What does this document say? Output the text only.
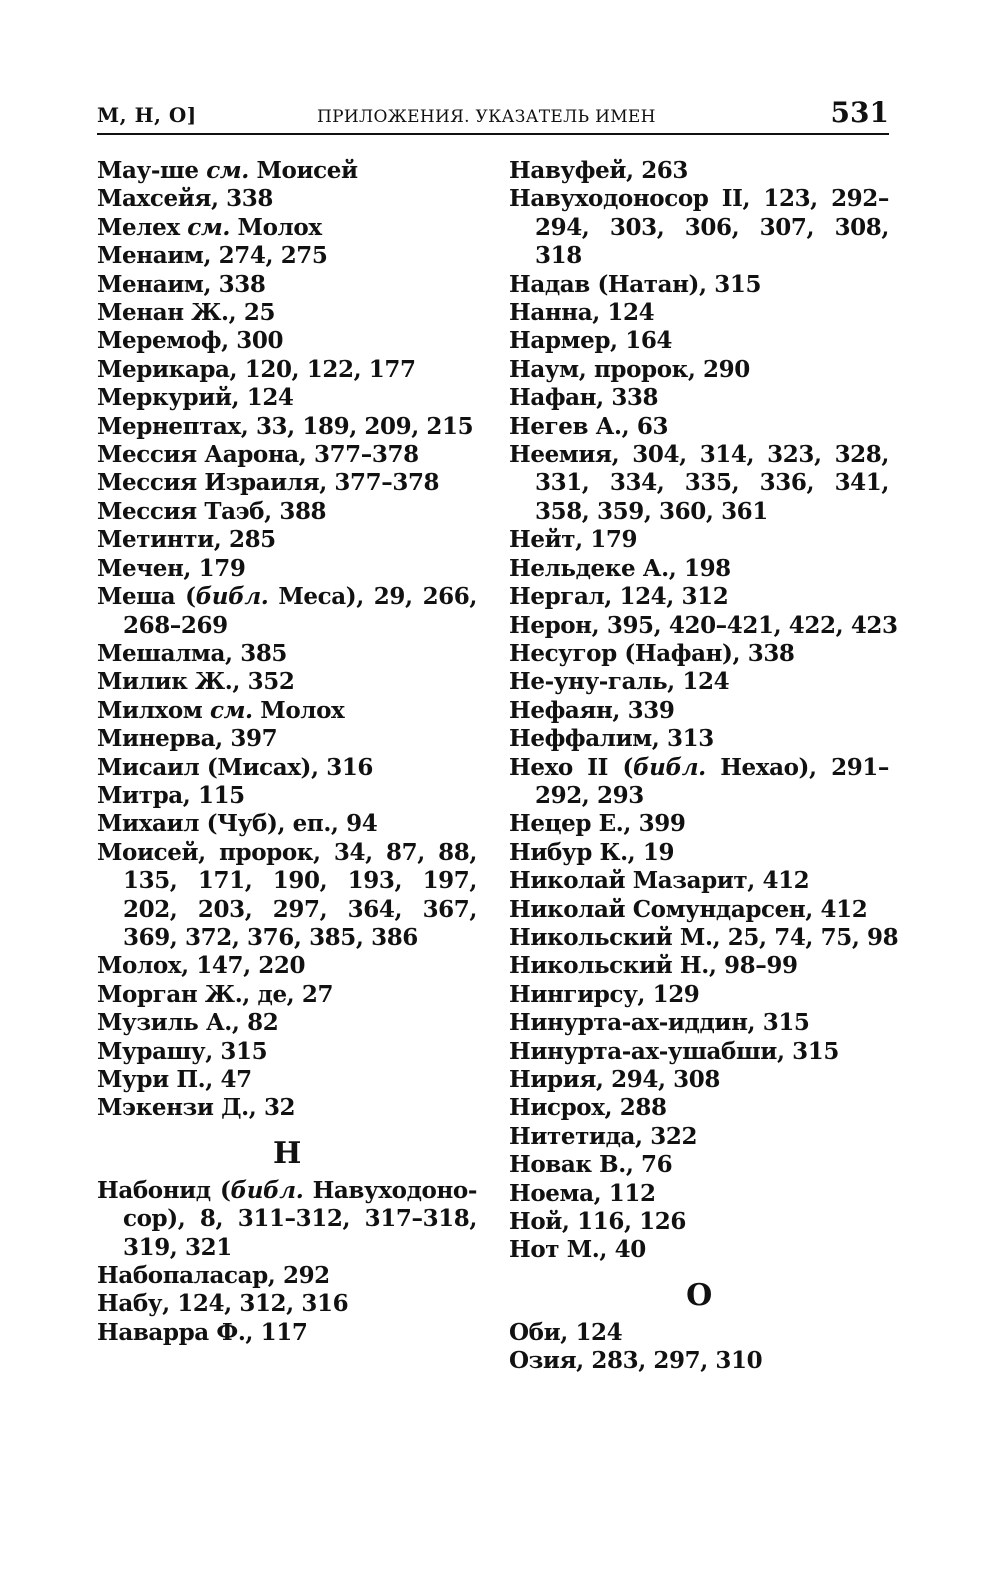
М, Н, О]	ПРИЛОЖЕНИЯ. УКАЗАТЕЛЬ ИМЕН	531
Мау-ше см. Моисей
Махсейя, 338
Мелех см. Молох
Менаим, 274, 275
Менаим, 338
Менан Ж., 25
Меремоф, 300
Мерикара, 120, 122, 177
Меркурий, 124
Мернептах, 33, 189, 209, 215
Мессия Аарона, 377–378
Мессия Израиля, 377–378
Мессия Таэб, 388
Метинти, 285
Мечен, 179
Меша (библ. Меса), 29, 266, 268–269
Мешалма, 385
Милик Ж., 352
Милхом см. Молох
Минерва, 397
Мисаил (Мисах), 316
Митра, 115
Михаил (Чуб), еп., 94
Моисей, пророк, 34, 87, 88, 135, 171, 190, 193, 197, 202, 203, 297, 364, 367, 369, 372, 376, 385, 386
Молох, 147, 220
Морган Ж., де, 27
Музиль А., 82
Мурашу, 315
Мури П., 47
Мэкензи Д., 32
Н
Набонид (библ. Навуходоно-сор), 8, 311–312, 317–318, 319, 321
Набопаласар, 292
Набу, 124, 312, 316
Наварра Ф., 117
Навуфей, 263
Навуходоносор II, 123, 292–294, 303, 306, 307, 308, 318
Надав (Натан), 315
Нанна, 124
Нармер, 164
Наум, пророк, 290
Нафан, 338
Негев А., 63
Неемия, 304, 314, 323, 328, 331, 334, 335, 336, 341, 358, 359, 360, 361
Нейт, 179
Нельдеке А., 198
Нергал, 124, 312
Нерон, 395, 420–421, 422, 423
Несугор (Нафан), 338
Не-уну-галь, 124
Нефаян, 339
Неффалим, 313
Нехо II (библ. Нехао), 291–292, 293
Нецер Е., 399
Нибур К., 19
Николай Мазарит, 412
Николай Сомундарсен, 412
Никольский М., 25, 74, 75, 98
Никольский Н., 98–99
Нингирсу, 129
Нинурта-ах-иддин, 315
Нинурта-ах-ушабши, 315
Нирия, 294, 308
Нисрох, 288
Нитетида, 322
Новак В., 76
Ноема, 112
Ной, 116, 126
Нот М., 40
О
Оби, 124
Озия, 283, 297, 310
